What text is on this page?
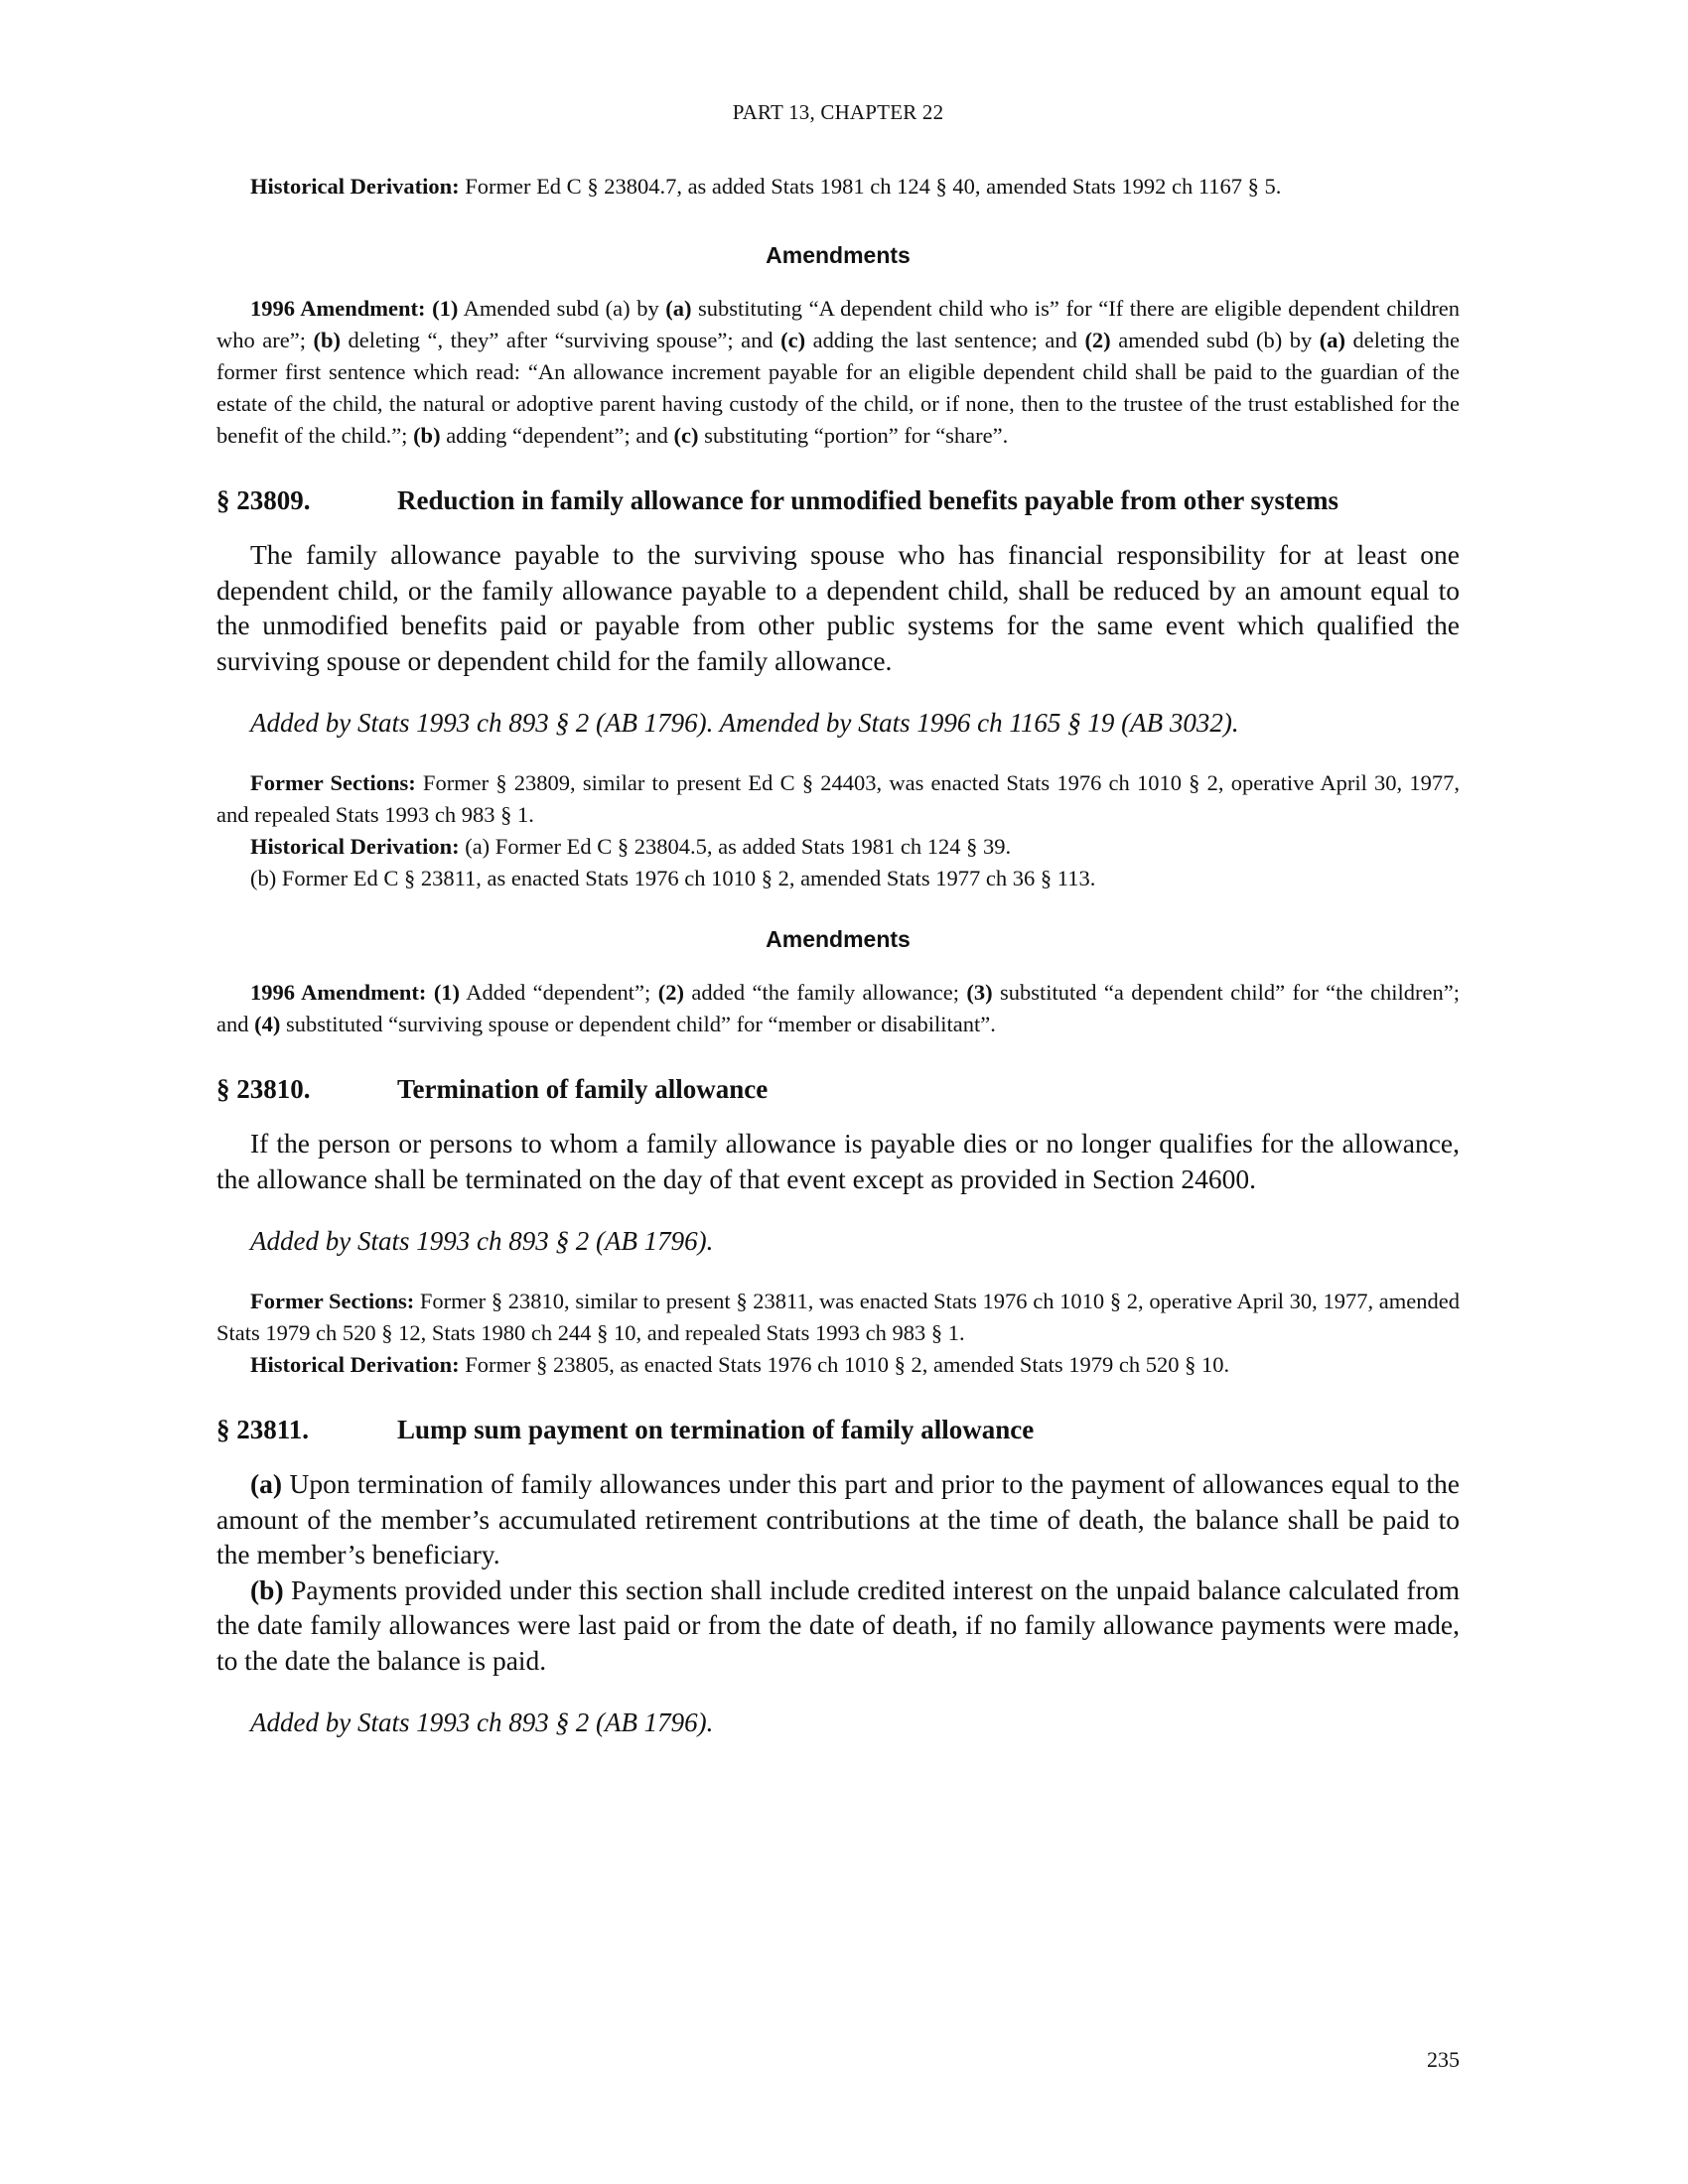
PART 13, CHAPTER 22

Historical Derivation: Former Ed C § 23804.7, as added Stats 1981 ch 124 § 40, amended Stats 1992 ch 1167 § 5.

Amendments

1996 Amendment: (1) Amended subd (a) by (a) substituting “A dependent child who is” for “If there are eligible dependent children who are”; (b) deleting “, they” after “surviving spouse”; and (c) adding the last sentence; and (2) amended subd (b) by (a) deleting the former first sentence which read: “An allowance increment payable for an eligible dependent child shall be paid to the guardian of the estate of the child, the natural or adoptive parent having custody of the child, or if none, then to the trustee of the trust established for the benefit of the child.”; (b) adding “dependent”; and (c) substituting “portion” for “share”.

§ 23809.	Reduction in family allowance for unmodified benefits payable from other systems

The family allowance payable to the surviving spouse who has financial responsibility for at least one dependent child, or the family allowance payable to a dependent child, shall be reduced by an amount equal to the unmodified benefits paid or payable from other public systems for the same event which qualified the surviving spouse or dependent child for the family allowance.

Added by Stats 1993 ch 893 § 2 (AB 1796). Amended by Stats 1996 ch 1165 § 19 (AB 3032).

Former Sections: Former § 23809, similar to present Ed C § 24403, was enacted Stats 1976 ch 1010 § 2, operative April 30, 1977, and repealed Stats 1993 ch 983 § 1.

Historical Derivation: (a) Former Ed C § 23804.5, as added Stats 1981 ch 124 § 39.

(b) Former Ed C § 23811, as enacted Stats 1976 ch 1010 § 2, amended Stats 1977 ch 36 § 113.

Amendments

1996 Amendment: (1) Added “dependent”; (2) added “the family allowance; (3) substituted “a dependent child” for “the children”; and (4) substituted “surviving spouse or dependent child” for “member or disabilitant”.

§ 23810.	Termination of family allowance

If the person or persons to whom a family allowance is payable dies or no longer qualifies for the allowance, the allowance shall be terminated on the day of that event except as provided in Section 24600.

Added by Stats 1993 ch 893 § 2 (AB 1796).

Former Sections: Former § 23810, similar to present § 23811, was enacted Stats 1976 ch 1010 § 2, operative April 30, 1977, amended Stats 1979 ch 520 § 12, Stats 1980 ch 244 § 10, and repealed Stats 1993 ch 983 § 1.

Historical Derivation: Former § 23805, as enacted Stats 1976 ch 1010 § 2, amended Stats 1979 ch 520 § 10.

§ 23811.	Lump sum payment on termination of family allowance

(a) Upon termination of family allowances under this part and prior to the payment of allowances equal to the amount of the member’s accumulated retirement contributions at the time of death, the balance shall be paid to the member’s beneficiary.

(b) Payments provided under this section shall include credited interest on the unpaid balance calculated from the date family allowances were last paid or from the date of death, if no family allowance payments were made, to the date the balance is paid.

Added by Stats 1993 ch 893 § 2 (AB 1796).

235
